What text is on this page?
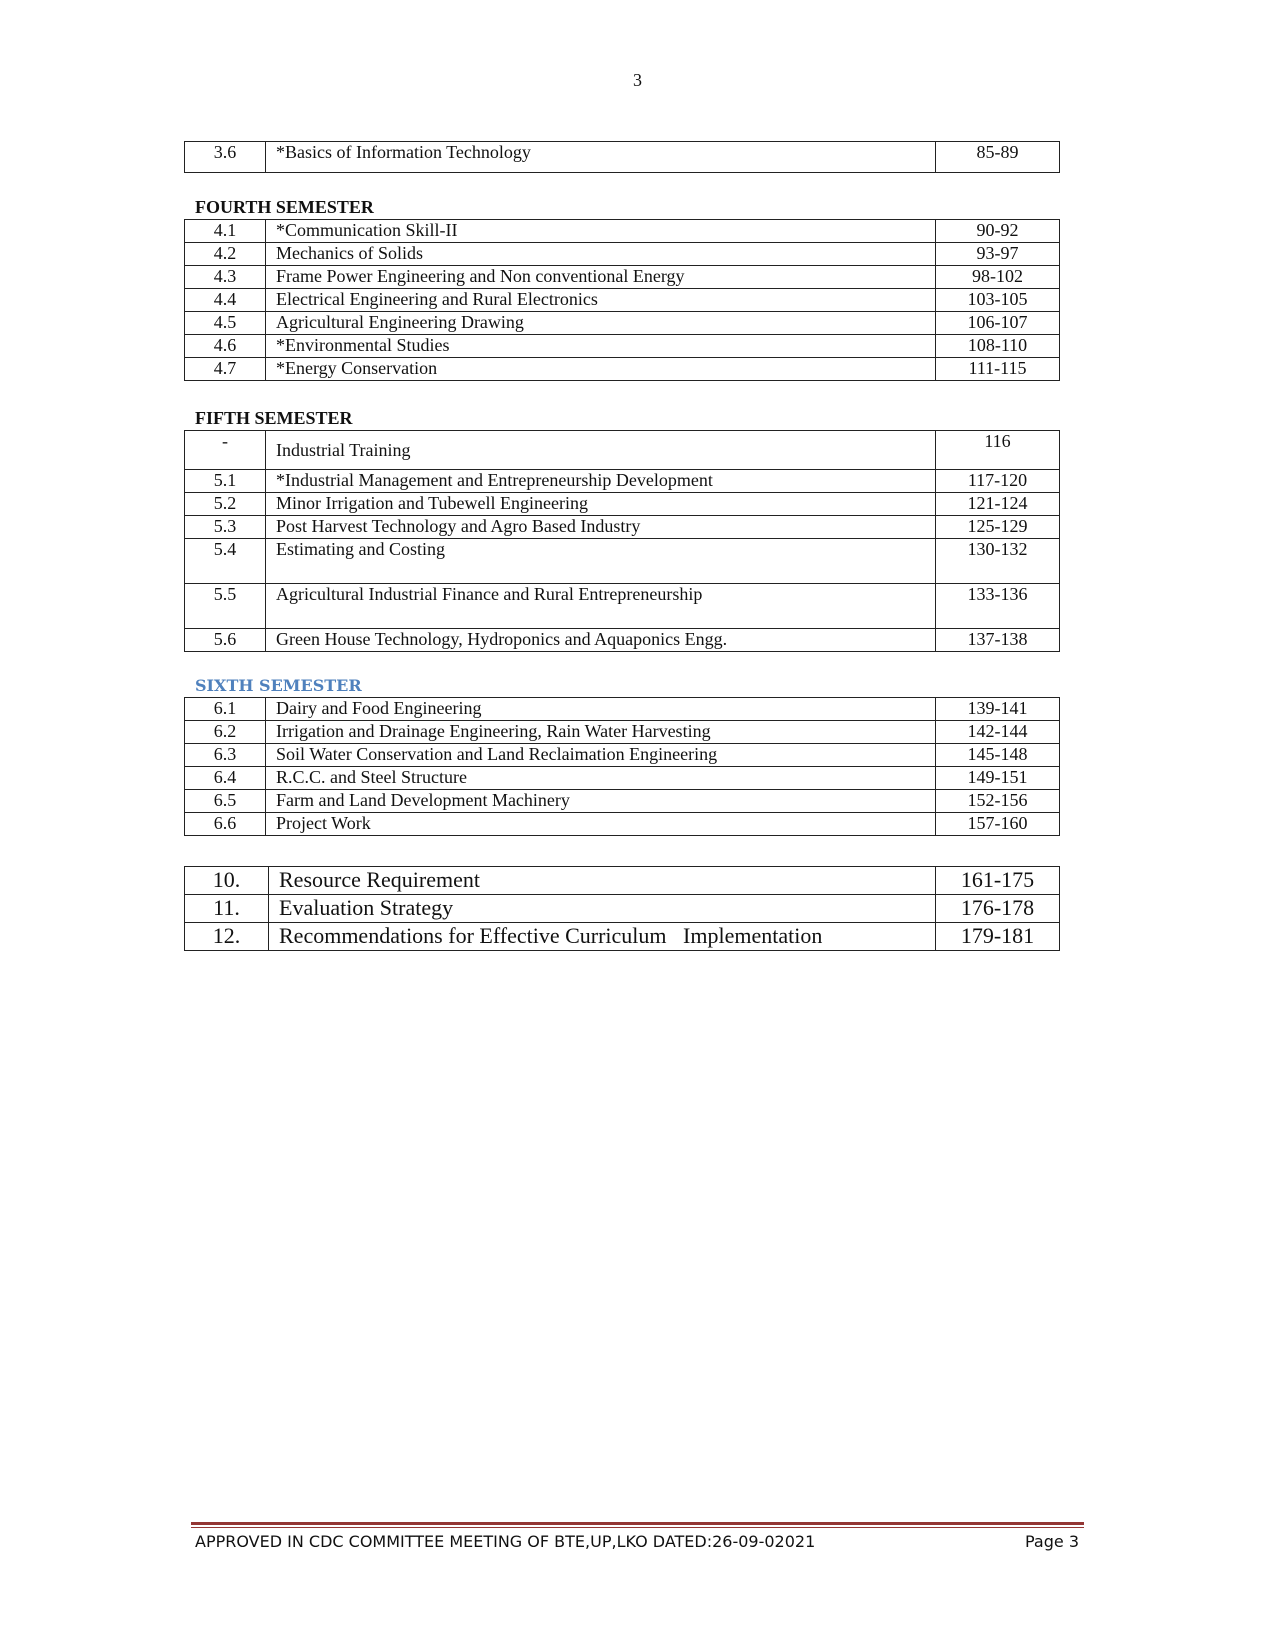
3
3.6	*Basics of Information Technology	85-89
FOURTH SEMESTER
4.1	*Communication Skill-II	90-92
4.2	Mechanics of Solids	93-97
4.3	Frame Power Engineering and Non conventional Energy	98-102
4.4	Electrical Engineering and Rural Electronics	103-105
4.5	Agricultural Engineering Drawing	106-107
4.6	*Environmental Studies	108-110
4.7	*Energy Conservation	111-115
FIFTH SEMESTER
-	Industrial Training	116
5.1	*Industrial Management and Entrepreneurship Development	117-120
5.2	Minor Irrigation and Tubewell Engineering	121-124
5.3	Post Harvest Technology and Agro Based Industry	125-129
5.4	Estimating and Costing	130-132
5.5	Agricultural Industrial Finance and Rural Entrepreneurship	133-136
5.6	Green House Technology, Hydroponics and Aquaponics Engg.	137-138
SIXTH SEMESTER
6.1	Dairy and Food Engineering	139-141
6.2	Irrigation and Drainage Engineering, Rain Water Harvesting	142-144
6.3	Soil Water Conservation and Land Reclaimation Engineering	145-148
6.4	R.C.C. and Steel Structure	149-151
6.5	Farm and Land Development Machinery	152-156
6.6	Project Work	157-160
10.	Resource Requirement	161-175
11.	Evaluation Strategy	176-178
12.	Recommendations for Effective Curriculum   Implementation	179-181
APPROVED IN CDC COMMITTEE MEETING OF BTE,UP,LKO DATED:26-09-02021	Page 3
